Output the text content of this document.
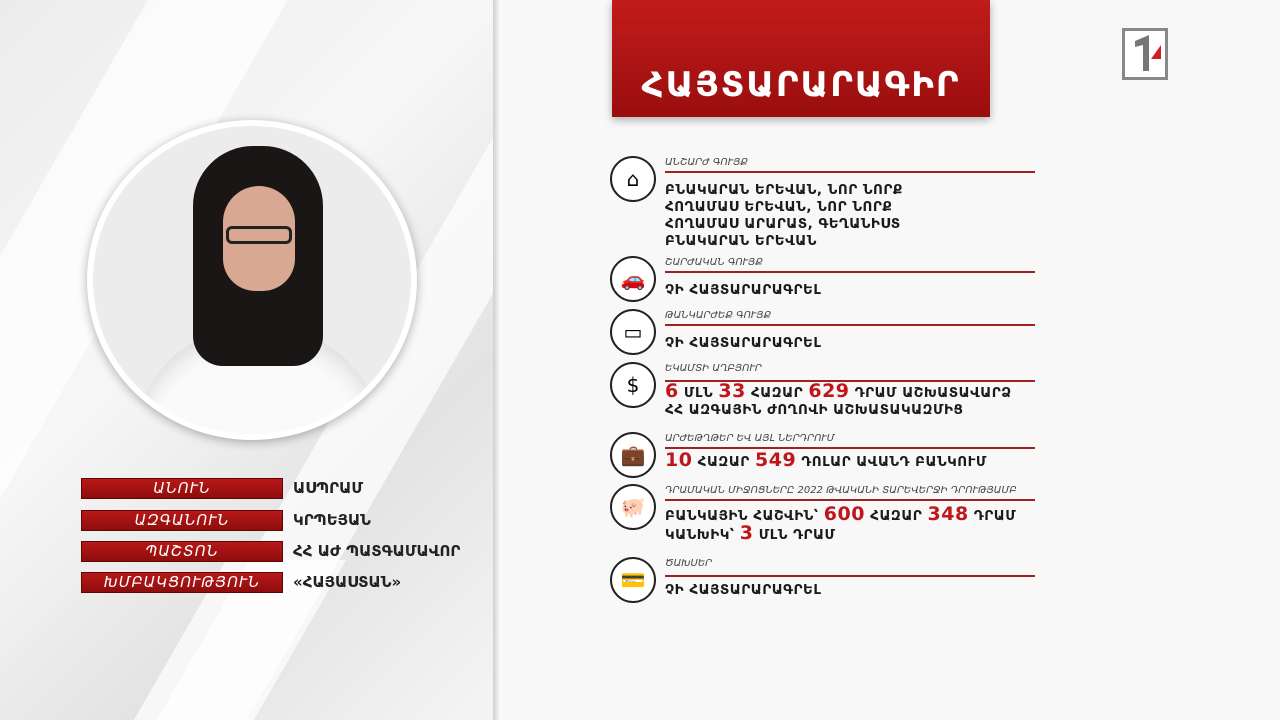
ԱՆՈՒՆ	ԱՍՊՐԱՄ
ԱԶԳԱՆՈՒՆ	ԿՐՊԵՅԱՆ
ՊԱՇՏՈՆ	ՀՀ ԱԺ ՊԱՏԳԱՄԱՎՈՐ
ԽՄԲԱԿՑՈՒԹՅՈՒՆ	«ՀԱՅԱՍՏԱՆ»
ՀԱՅՏԱՐԱՐԱԳԻՐ
⌂
ԱՆՇԱՐԺ ԳՈՒՅՔ
ԲՆԱԿԱՐԱՆ ԵՐԵՎԱՆ, ՆՈՐ ՆՈՐՔ
ՀՈՂԱՄԱՍ ԵՐԵՎԱՆ, ՆՈՐ ՆՈՐՔ
ՀՈՂԱՄԱՍ ԱՐԱՐԱՏ, ԳԵՂԱՆԻՍՏ
ԲՆԱԿԱՐԱՆ ԵՐԵՎԱՆ
🚗
ՇԱՐԺԱԿԱՆ ԳՈՒՅՔ
ՉԻ ՀԱՅՏԱՐԱՐԱԳՐԵԼ
▭
ԹԱՆԿԱՐԺԵՔ ԳՈՒՅՔ
ՉԻ ՀԱՅՏԱՐԱՐԱԳՐԵԼ
$
ԵԿԱՄՏԻ ԱՂԲՅՈՒՐ
6 ՄԼՆ 33 ՀԱԶԱՐ 629 ԴՐԱՄ ԱՇԽԱՏԱՎԱՐՁ
ՀՀ ԱԶԳԱՅԻՆ ԺՈՂՈՎԻ ԱՇԽԱՏԱԿԱԶՄԻՑ
💼
ԱՐԺԵԹՂԹԵՐ ԵՎ ԱՅԼ ՆԵՐԴՐՈՒՄ
10 ՀԱԶԱՐ 549 ԴՈԼԱՐ ԱՎԱՆԴ ԲԱՆԿՈՒՄ
🐖
ԴՐԱՄԱԿԱՆ ՄԻՋՈՑՆԵՐԸ 2022 ԹՎԱԿԱՆԻ ՏԱՐԵՎԵՐՋԻ ԴՐՈՒԹՅԱՄԲ
ԲԱՆԿԱՅԻՆ ՀԱՇՎԻՆ՝ 600 ՀԱԶԱՐ 348 ԴՐԱՄ
ԿԱՆԽԻԿ՝ 3 ՄԼՆ ԴՐԱՄ
💳
ԾԱԽՍԵՐ
ՉԻ ՀԱՅՏԱՐԱՐԱԳՐԵԼ
